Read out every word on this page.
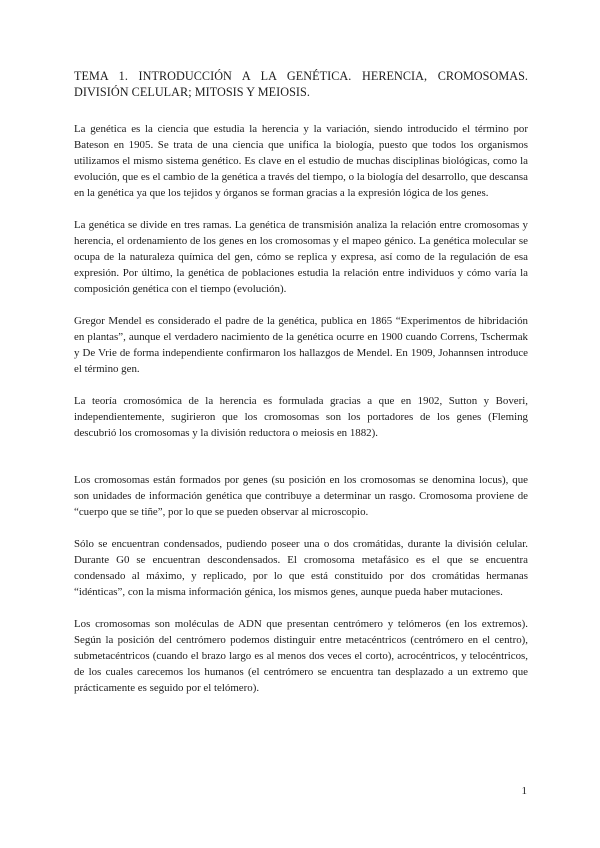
TEMA 1. INTRODUCCIÓN A LA GENÉTICA. HERENCIA, CROMOSOMAS. DIVISIÓN CELULAR; MITOSIS Y MEIOSIS.

La genética es la ciencia que estudia la herencia y la variación, siendo introducido el término por Bateson en 1905. Se trata de una ciencia que unifica la biología, puesto que todos los organismos utilizamos el mismo sistema genético. Es clave en el estudio de muchas disciplinas biológicas, como la evolución, que es el cambio de la genética a través del tiempo, o la biología del desarrollo, que descansa en la genética ya que los tejidos y órganos se forman gracias a la expresión lógica de los genes.

La genética se divide en tres ramas. La genética de transmisión analiza la relación entre cromosomas y herencia, el ordenamiento de los genes en los cromosomas y el mapeo génico. La genética molecular se ocupa de la naturaleza química del gen, cómo se replica y expresa, así como de la regulación de esa expresión. Por último, la genética de poblaciones estudia la relación entre individuos y cómo varía la composición genética con el tiempo (evolución).

Gregor Mendel es considerado el padre de la genética, publica en 1865 “Experimentos de hibridación en plantas”, aunque el verdadero nacimiento de la genética ocurre en 1900 cuando Correns, Tschermak y De Vrie de forma independiente confirmaron los hallazgos de Mendel. En 1909, Johannsen introduce el término gen.

La teoría cromosómica de la herencia es formulada gracias a que en 1902, Sutton y Boveri, independientemente, sugirieron que los cromosomas son los portadores de los genes (Fleming descubrió los cromosomas y la división reductora o meiosis en 1882).

Los cromosomas están formados por genes (su posición en los cromosomas se denomina locus), que son unidades de información genética que contribuye a determinar un rasgo. Cromosoma proviene de “cuerpo que se tiñe”, por lo que se pueden observar al microscopio.

Sólo se encuentran condensados, pudiendo poseer una o dos cromátidas, durante la división celular. Durante G0 se encuentran descondensados. El cromosoma metafásico es el que se encuentra condensado al máximo, y replicado, por lo que está constituido por dos cromátidas hermanas “idénticas”, con la misma información génica, los mismos genes, aunque pueda haber mutaciones.

Los cromosomas son moléculas de ADN que presentan centrómero y telómeros (en los extremos). Según la posición del centrómero podemos distinguir entre metacéntricos (centrómero en el centro), submetacéntricos (cuando el brazo largo es al menos dos veces el corto), acrocéntricos, y telocéntricos, de los cuales carecemos los humanos (el centrómero se encuentra tan desplazado a un extremo que prácticamente es seguido por el telómero).

1
